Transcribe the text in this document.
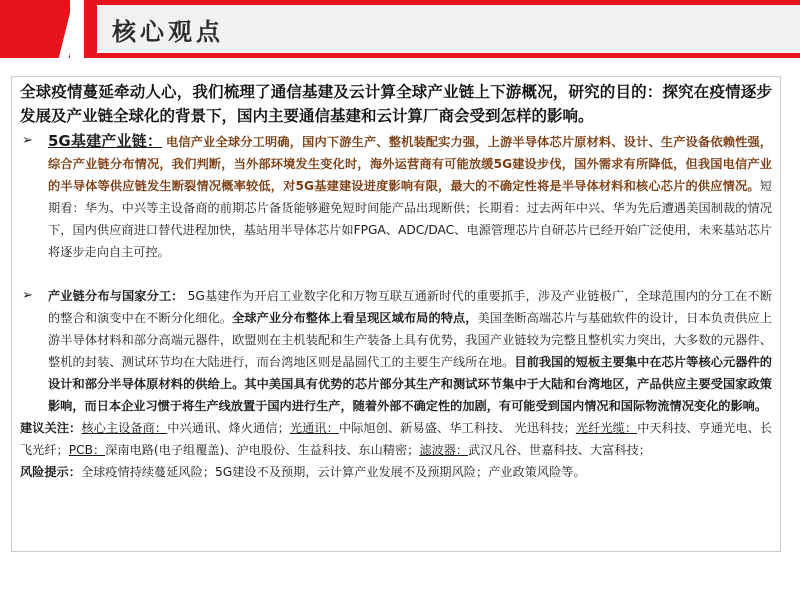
核心观点
全球疫情蔓延牵动人心，我们梳理了通信基建及云计算全球产业链上下游概况，研究的目的：探究在疫情逐步发展及产业链全球化的背景下，国内主要通信基建和云计算厂商会受到怎样的影响。
➢ 5G基建产业链： 电信产业全球分工明确，国内下游生产、整机装配实力强，上游半导体芯片原材料、设计、生产设备依赖性强，综合产业链分布情况，我们判断，当外部环境发生变化时，海外运营商有可能放缓5G建设步伐，国外需求有所降低，但我国电信产业的半导体等供应链发生断裂情况概率较低，对5G基建建设进度影响有限，最大的不确定性将是半导体材料和核心芯片的供应情况。短期看：华为、中兴等主设备商的前期芯片备货能够避免短时间能产品出现断供；长期看：过去两年中兴、华为先后遭遇美国制裁的情况下，国内供应商进口替代进程加快，基站用半导体芯片如FPGA、ADC/DAC、电源管理芯片自研芯片已经开始广泛使用，未来基站芯片将逐步走向自主可控。
➢ 产业链分布与国家分工： 5G基建作为开启工业数字化和万物互联互通新时代的重要抓手，涉及产业链极广，全球范围内的分工在不断的整合和演变中在不断分化细化。全球产业分布整体上看呈现区域布局的特点，美国垄断高端芯片与基础软件的设计，日本负责供应上游半导体材料和部分高端元器件，欧盟则在主机装配和生产装备上具有优势，我国产业链较为完整且整机实力突出，大多数的元器件、整机的封装、测试环节均在大陆进行，而台湾地区则是晶圆代工的主要生产线所在地。目前我国的短板主要集中在芯片等核心元器件的设计和部分半导体原材料的供给上。其中美国具有优势的芯片部分其生产和测试环节集中于大陆和台湾地区，产品供应主要受国家政策影响，而日本企业习惯于将生产线放置于国内进行生产，随着外部不确定性的加剧，有可能受到国内情况和国际物流情况变化的影响。
建议关注：核心主设备商：中兴通讯、烽火通信；光通讯：中际旭创、新易盛、华工科技、 光迅科技；光纤光缆：中天科技、亨通光电、长飞光纤；PCB：深南电路(电子组覆盖)、沪电股份、生益科技、东山精密；滤波器：武汉凡谷、世嘉科技、大富科技；
风险提示：全球疫情持续蔓延风险；5G建设不及预期，云计算产业发展不及预期风险；产业政策风险等。
